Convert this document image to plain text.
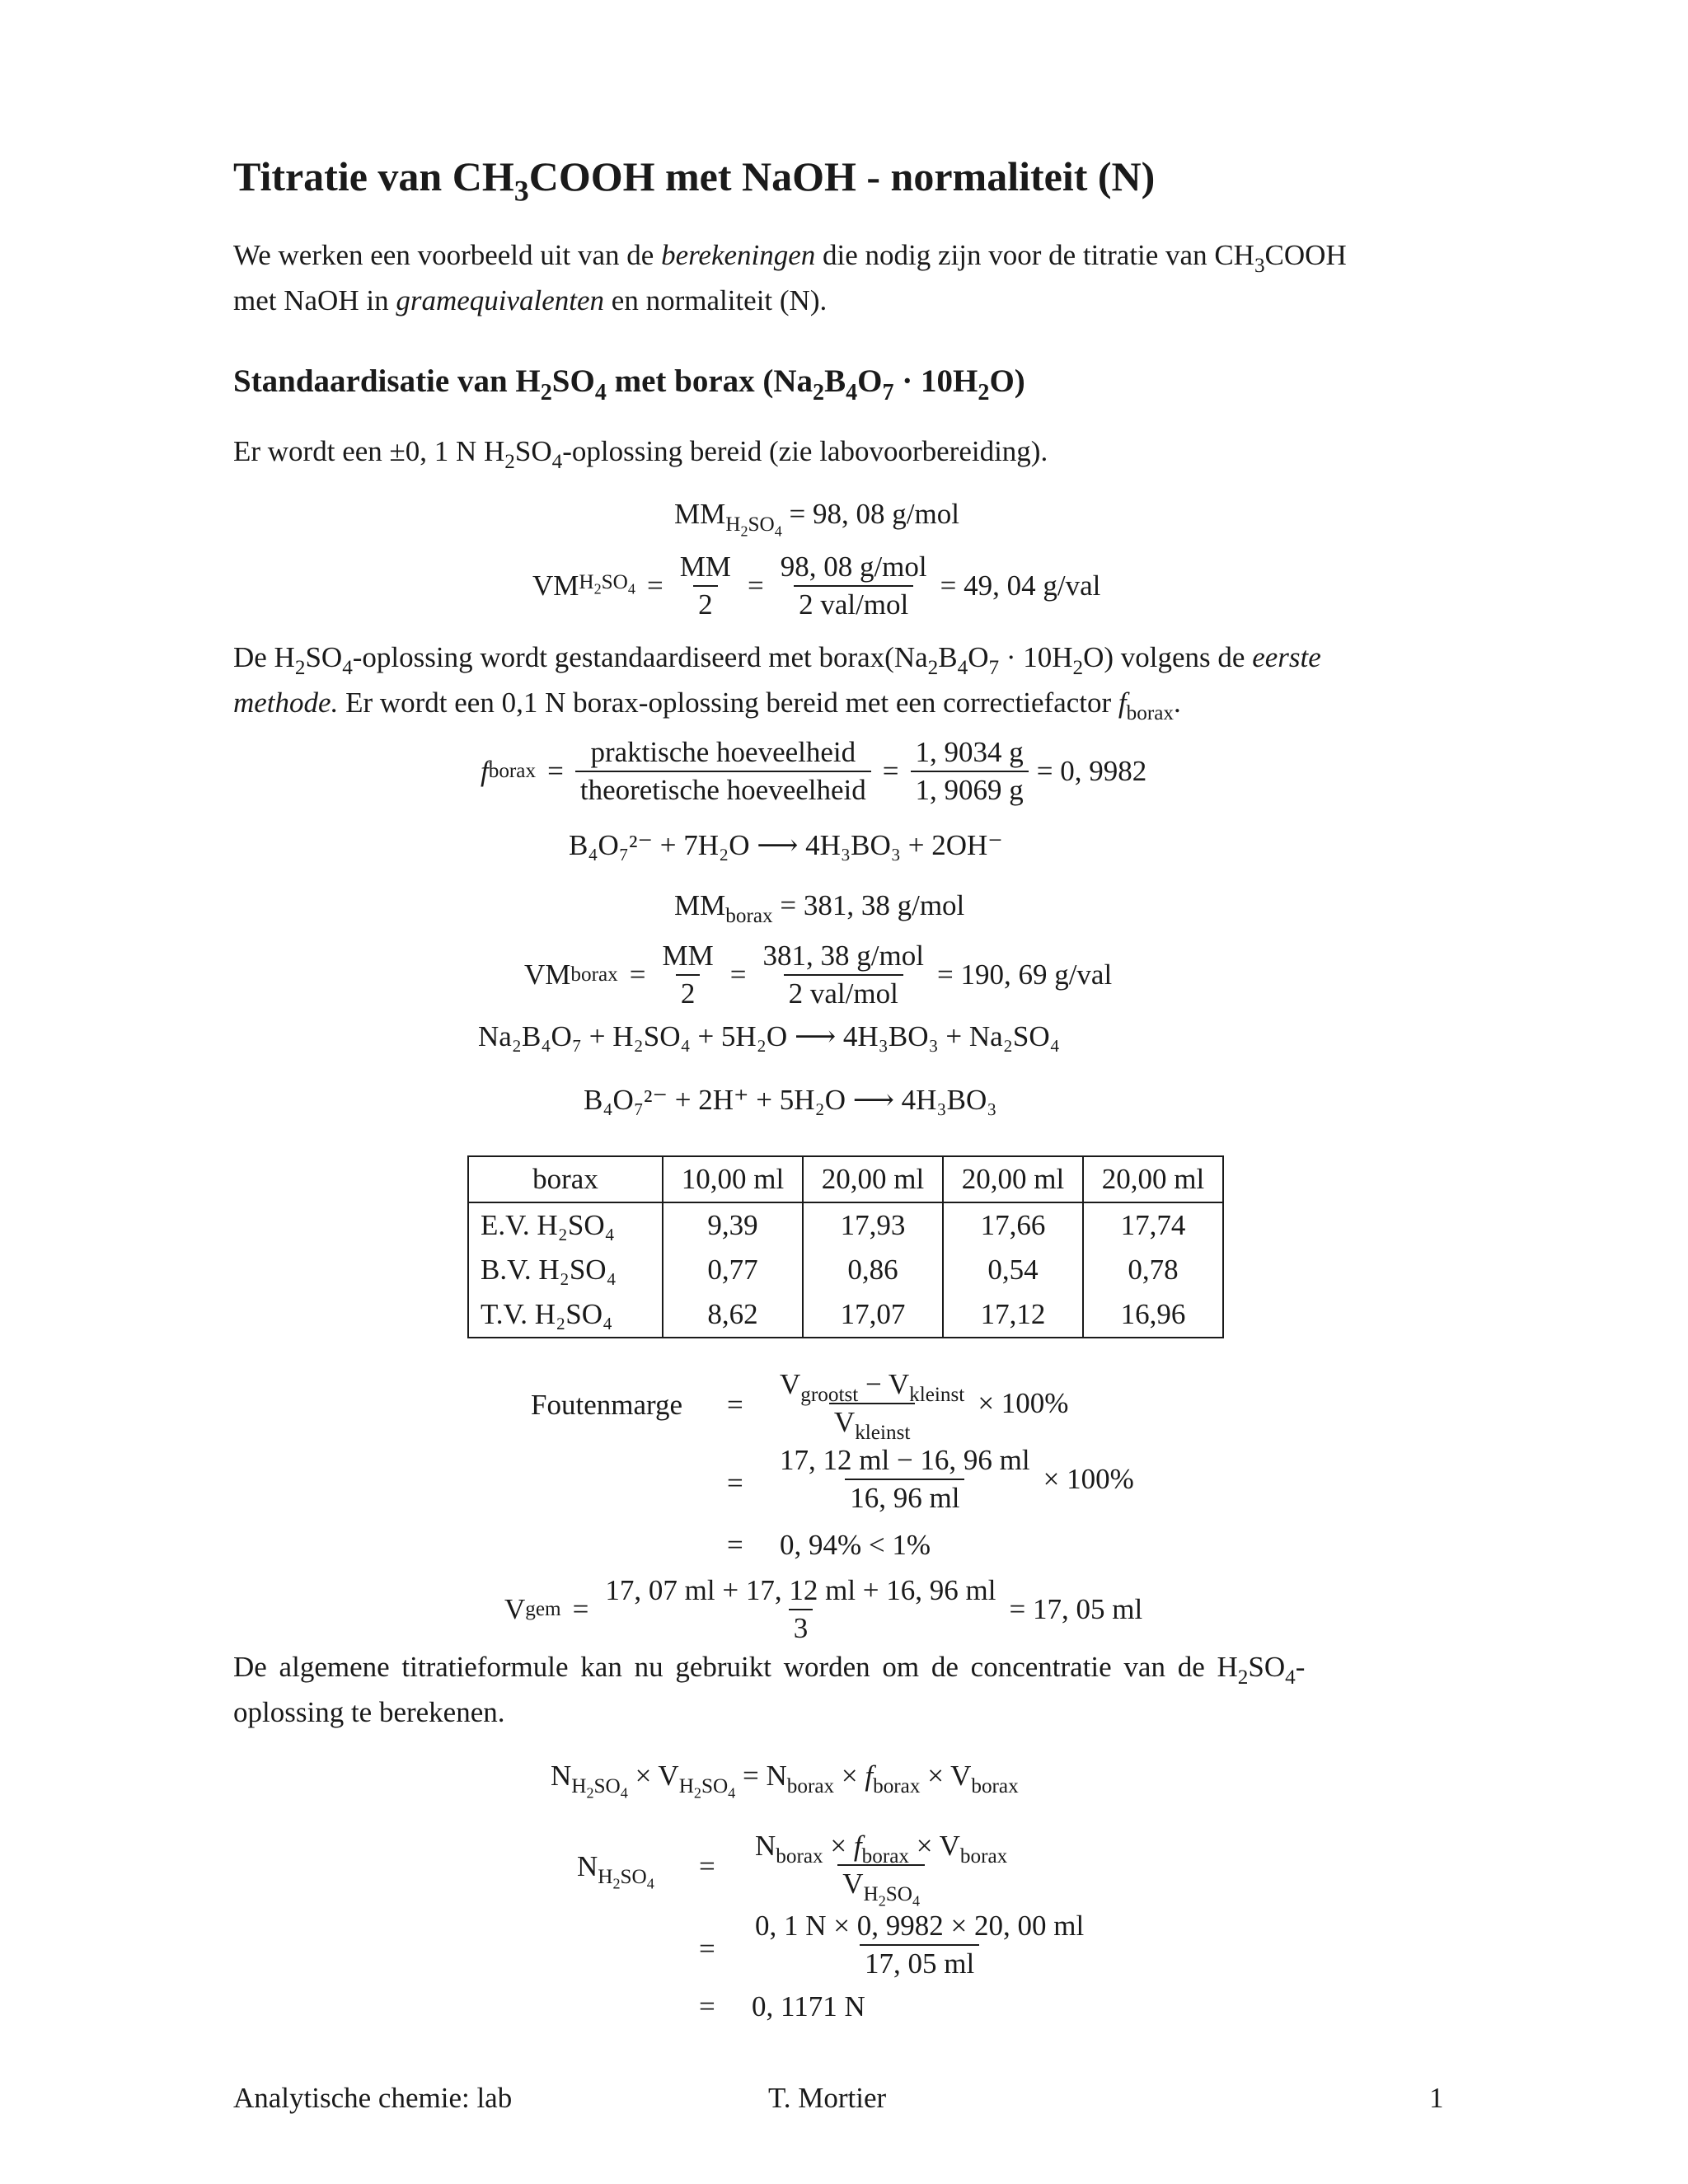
Titratie van $CH_3COOH$ met NaOH - normaliteit (N)
We werken een voorbeeld uit van de berekeningen die nodig zijn voor de titratie van $CH_3COOH$
met NaOH in gramequivalenten en normaliteit (N).
Standaardisatie van $H_2SO_4$ met borax $(Na_2B_4O_7 \cdot 10H_2O)$
Er wordt een ±0, 1 N $H_2SO_4$-oplossing bereid (zie labovoorbereiding).
$MM_{H_2SO_4} = 98$, 08 g/mol
VM $H_2SO_4 = \frac{MM}{2} = \frac{\text{98, 08 g/mol}}{\text{2 val/mol}} = 49$, 04 g/val
De $H_2SO_4$-oplossing wordt gestandaardiseerd met $borax(Na_2B_4O_7 \cdot 10H_2O)$ volgens de eerste
methode. Er wordt een 0,1 N borax-oplossing bereid met een correctiefactor $f_{borax}$.
f borax = $\frac{\text{praktische hoeveelheid}}{\text{theoretische hoeveelheid}} = \frac{1, 9034 g}{1, 9069 g} = 0$, 9982
B₄O₇²⁻ + 7H₂O ⟶ 4H₃BO₃ + 2OH⁻
$MM_{borax} = 381$, 38 g/mol
VM borax = $\frac{MM}{2} = \frac{\text{381, 38 g/mol}}{\text{2 val/mol}} = 190$, 69 g/val
Na₂B₄O₇ + H₂SO₄ + 5H₂O ⟶ 4H₃BO₃ + Na₂SO₄
B₄O₇²⁻ + 2H⁺ + 5H₂O ⟶ 4H₃BO₃
borax	10,00 ml	20,00 ml	20,00 ml	20,00 ml
E.V. H₂SO₄	9,39	17,93	17,66	17,74
B.V. H₂SO₄	0,77	0,86	0,54	0,78
T.V. H₂SO₄	8,62	17,07	17,12	16,96
Foutenmarge = $\frac{V_{grootst} - V_{kleinst}}{V_{kleinst}} \times 100\%$
= $\frac{17, 12 ml - 16, 96 ml}{16, 96 ml} \times 100\%$
= 0, 94% < 1%
V gem = $\frac{17, 07 ml + 17, 12 ml + 16, 96 ml}{3} = 17$, 05 ml
De algemene titratieformule kan nu gebruikt worden om de concentratie van de $H_2SO_4-$
oplossing te berekenen.
$N_{H_2SO_4} \times V_{H_2SO_4} = N_{borax} \times f_{borax} \times V_{borax}$
$N_{H_2SO_4}$
= $\frac{N_{borax} \times f_{borax} \times V_{borax}}{V_{H_2SO_4}}$
= $\frac{0, 1 N \times 0, 9982 \times 20, 00 ml}{17, 05 ml}$
= 0, 1171 N
Analytische chemie: lab	T. Mortier	1
